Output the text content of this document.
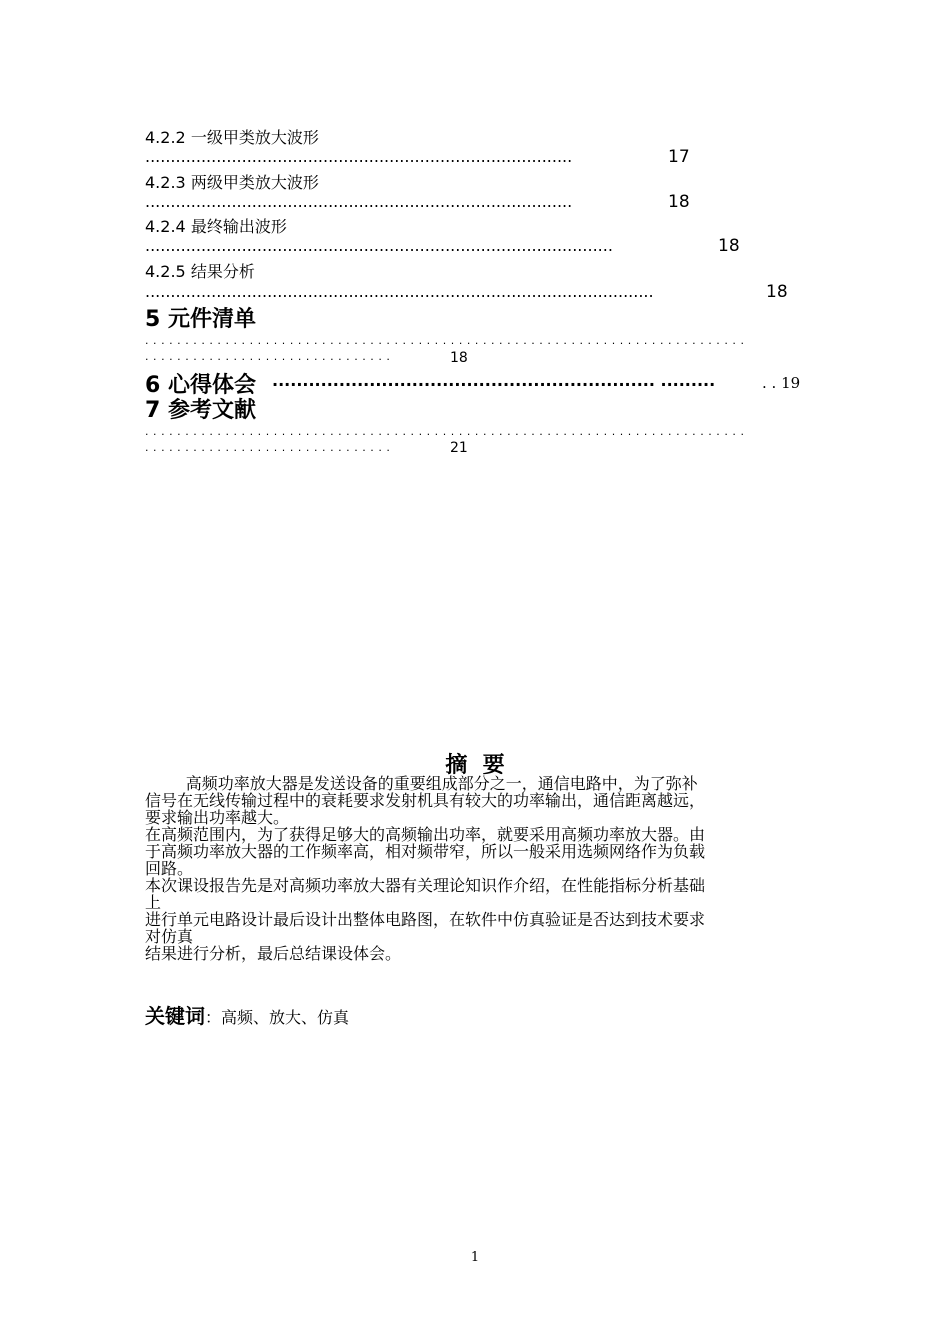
4.2.2 一级甲类放大波形
....................................................................................	17
4.2.3 两级甲类放大波形
....................................................................................	18
4.2.4 最终输出波形
............................................................................................	18
4.2.5 结果分析
....................................................................................................	18
5 元件清单
...........................................................................
...............................	18
6 心得体会 ............................................................... .........	. . 19
7 参考文献
...........................................................................
...............................	21
摘  要
高频功率放大器是发送设备的重要组成部分之一，通信电路中，为了弥补
信号在无线传输过程中的衰耗要求发射机具有较大的功率输出，通信距离越远，
要求输出功率越大。
在高频范围内，为了获得足够大的高频输出功率，就要采用高频功率放大器。由
于高频功率放大器的工作频率高，相对频带窄，所以一般采用选频网络作为负载
回路。
本次课设报告先是对高频功率放大器有关理论知识作介绍，在性能指标分析基础
上
进行单元电路设计最后设计出整体电路图，在软件中仿真验证是否达到技术要求
对仿真
结果进行分析，最后总结课设体会。
关键词：高频、放大、仿真
1
